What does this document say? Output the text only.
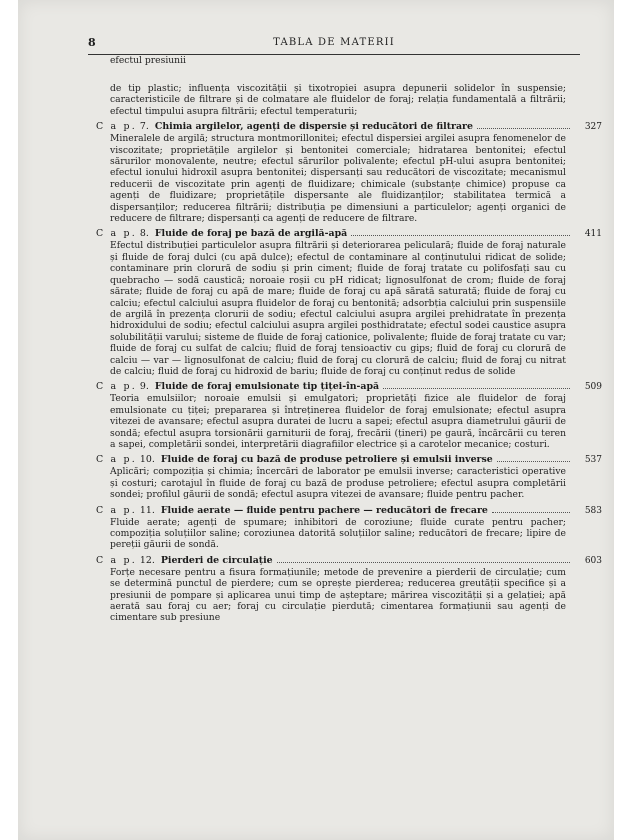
8	TABLA DE MATERII
efectul presiunii
de tip plastic; influența viscozității și tixotropiei asupra depunerii solidelor în suspensie; caracteristicile de filtrare și de colmatare ale fluidelor de foraj; relația fundamentală a filtrării; efectul timpului asupra filtrării; efectul temperaturii;
C a p. 7. Chimia argilelor, agenți de dispersie și reducători de filtrare	327
Mineralele de argilă; structura montmorillonitei; efectul dispersiei argilei asupra fenomenelor de viscozitate; proprietățile argilelor și bentonitei comerciale; hidratarea bentonitei; efectul sărurilor monovalente, neutre; efectul sărurilor polivalente; efectul pH-ului asupra bentonitei; efectul ionului hidroxil asupra bentonitei; dispersanți sau reducători de viscozitate; mecanismul reducerii de viscozitate prin agenți de fluidizare; chimicale (substanțe chimice) propuse ca agenți de fluidizare; proprietățile dispersante ale fluidizanților; stabilitatea termică a dispersanților; reducerea filtrării; distribuția pe dimensiuni a particulelor; agenți organici de reducere de filtrare; dispersanți ca agenți de reducere de filtrare.
C a p. 8. Fluide de foraj pe bază de argilă-apă	411
Efectul distribuției particulelor asupra filtrării și deteriorarea peliculară; fluide de foraj naturale și fluide de foraj dulci (cu apă dulce); efectul de contaminare al conținutului ridicat de solide; contaminare prin clorură de sodiu și prin ciment; fluide de foraj tratate cu polifosfați sau cu quebracho — sodă caustică; noroaie roșii cu pH ridicat; lignosulfonat de crom; fluide de foraj sărate; fluide de foraj cu apă de mare; fluide de foraj cu apă sărată saturată; fluide de foraj cu calciu; efectul calciului asupra fluidelor de foraj cu bentonită; adsorbția calciului prin suspensiile de argilă în prezența clorurii de sodiu; efectul calciului asupra argilei prehidratate în prezența hidroxidului de sodiu; efectul calciului asupra argilei posthidratate; efectul sodei caustice asupra solubilității varului; sisteme de fluide de foraj cationice, polivalente; fluide de foraj tratate cu var; fluide de foraj cu sulfat de calciu; fluid de foraj tensioactiv cu gips; fluid de foraj cu clorură de calciu — var — lignosulfonat de calciu; fluid de foraj cu clorură de calciu; fluid de foraj cu nitrat de calciu; fluid de foraj cu hidroxid de bariu; fluide de foraj cu conținut redus de solide
C a p. 9. Fluide de foraj emulsionate tip țiței-în-apă	509
Teoria emulsiilor; noroaie emulsii și emulgatori; proprietăți fizice ale fluidelor de foraj emulsionate cu țiței; prepararea și întreținerea fluidelor de foraj emulsionate; efectul asupra vitezei de avansare; efectul asupra duratei de lucru a sapei; efectul asupra diametrului găurii de sondă; efectul asupra torsionării garniturii de foraj, frecării (țineri) pe gaură, încărcării cu teren a sapei, completării sondei, interpretării diagrafiilor electrice și a carotelor mecanice; costuri.
C a p. 10. Fluide de foraj cu bază de produse petroliere și emulsii inverse	537
Aplicări; compoziția și chimia; încercări de laborator pe emulsii inverse; caracteristici operative și costuri; carotajul în fluide de foraj cu bază de produse petroliere; efectul asupra completării sondei; profilul găurii de sondă; efectul asupra vitezei de avansare; fluide pentru pacher.
C a p. 11. Fluide aerate — fluide pentru pachere — reducători de frecare	583
Fluide aerate; agenți de spumare; inhibitori de coroziune; fluide curate pentru pacher; compoziția soluțiilor saline; coroziunea datorită soluțiilor saline; reducători de frecare; lipire de pereții găurii de sondă.
C a p. 12. Pierderi de circulație	603
Forțe necesare pentru a fisura formațiunile; metode de prevenire a pierderii de circulație; cum se determină punctul de pierdere; cum se oprește pierderea; reducerea greutății specifice și a presiunii de pompare și aplicarea unui timp de așteptare; mărirea viscozității și a gelației; apă aerată sau foraj cu aer; foraj cu circulație pierdută; cimentarea formațiunii sau agenți de cimentare sub presiune
